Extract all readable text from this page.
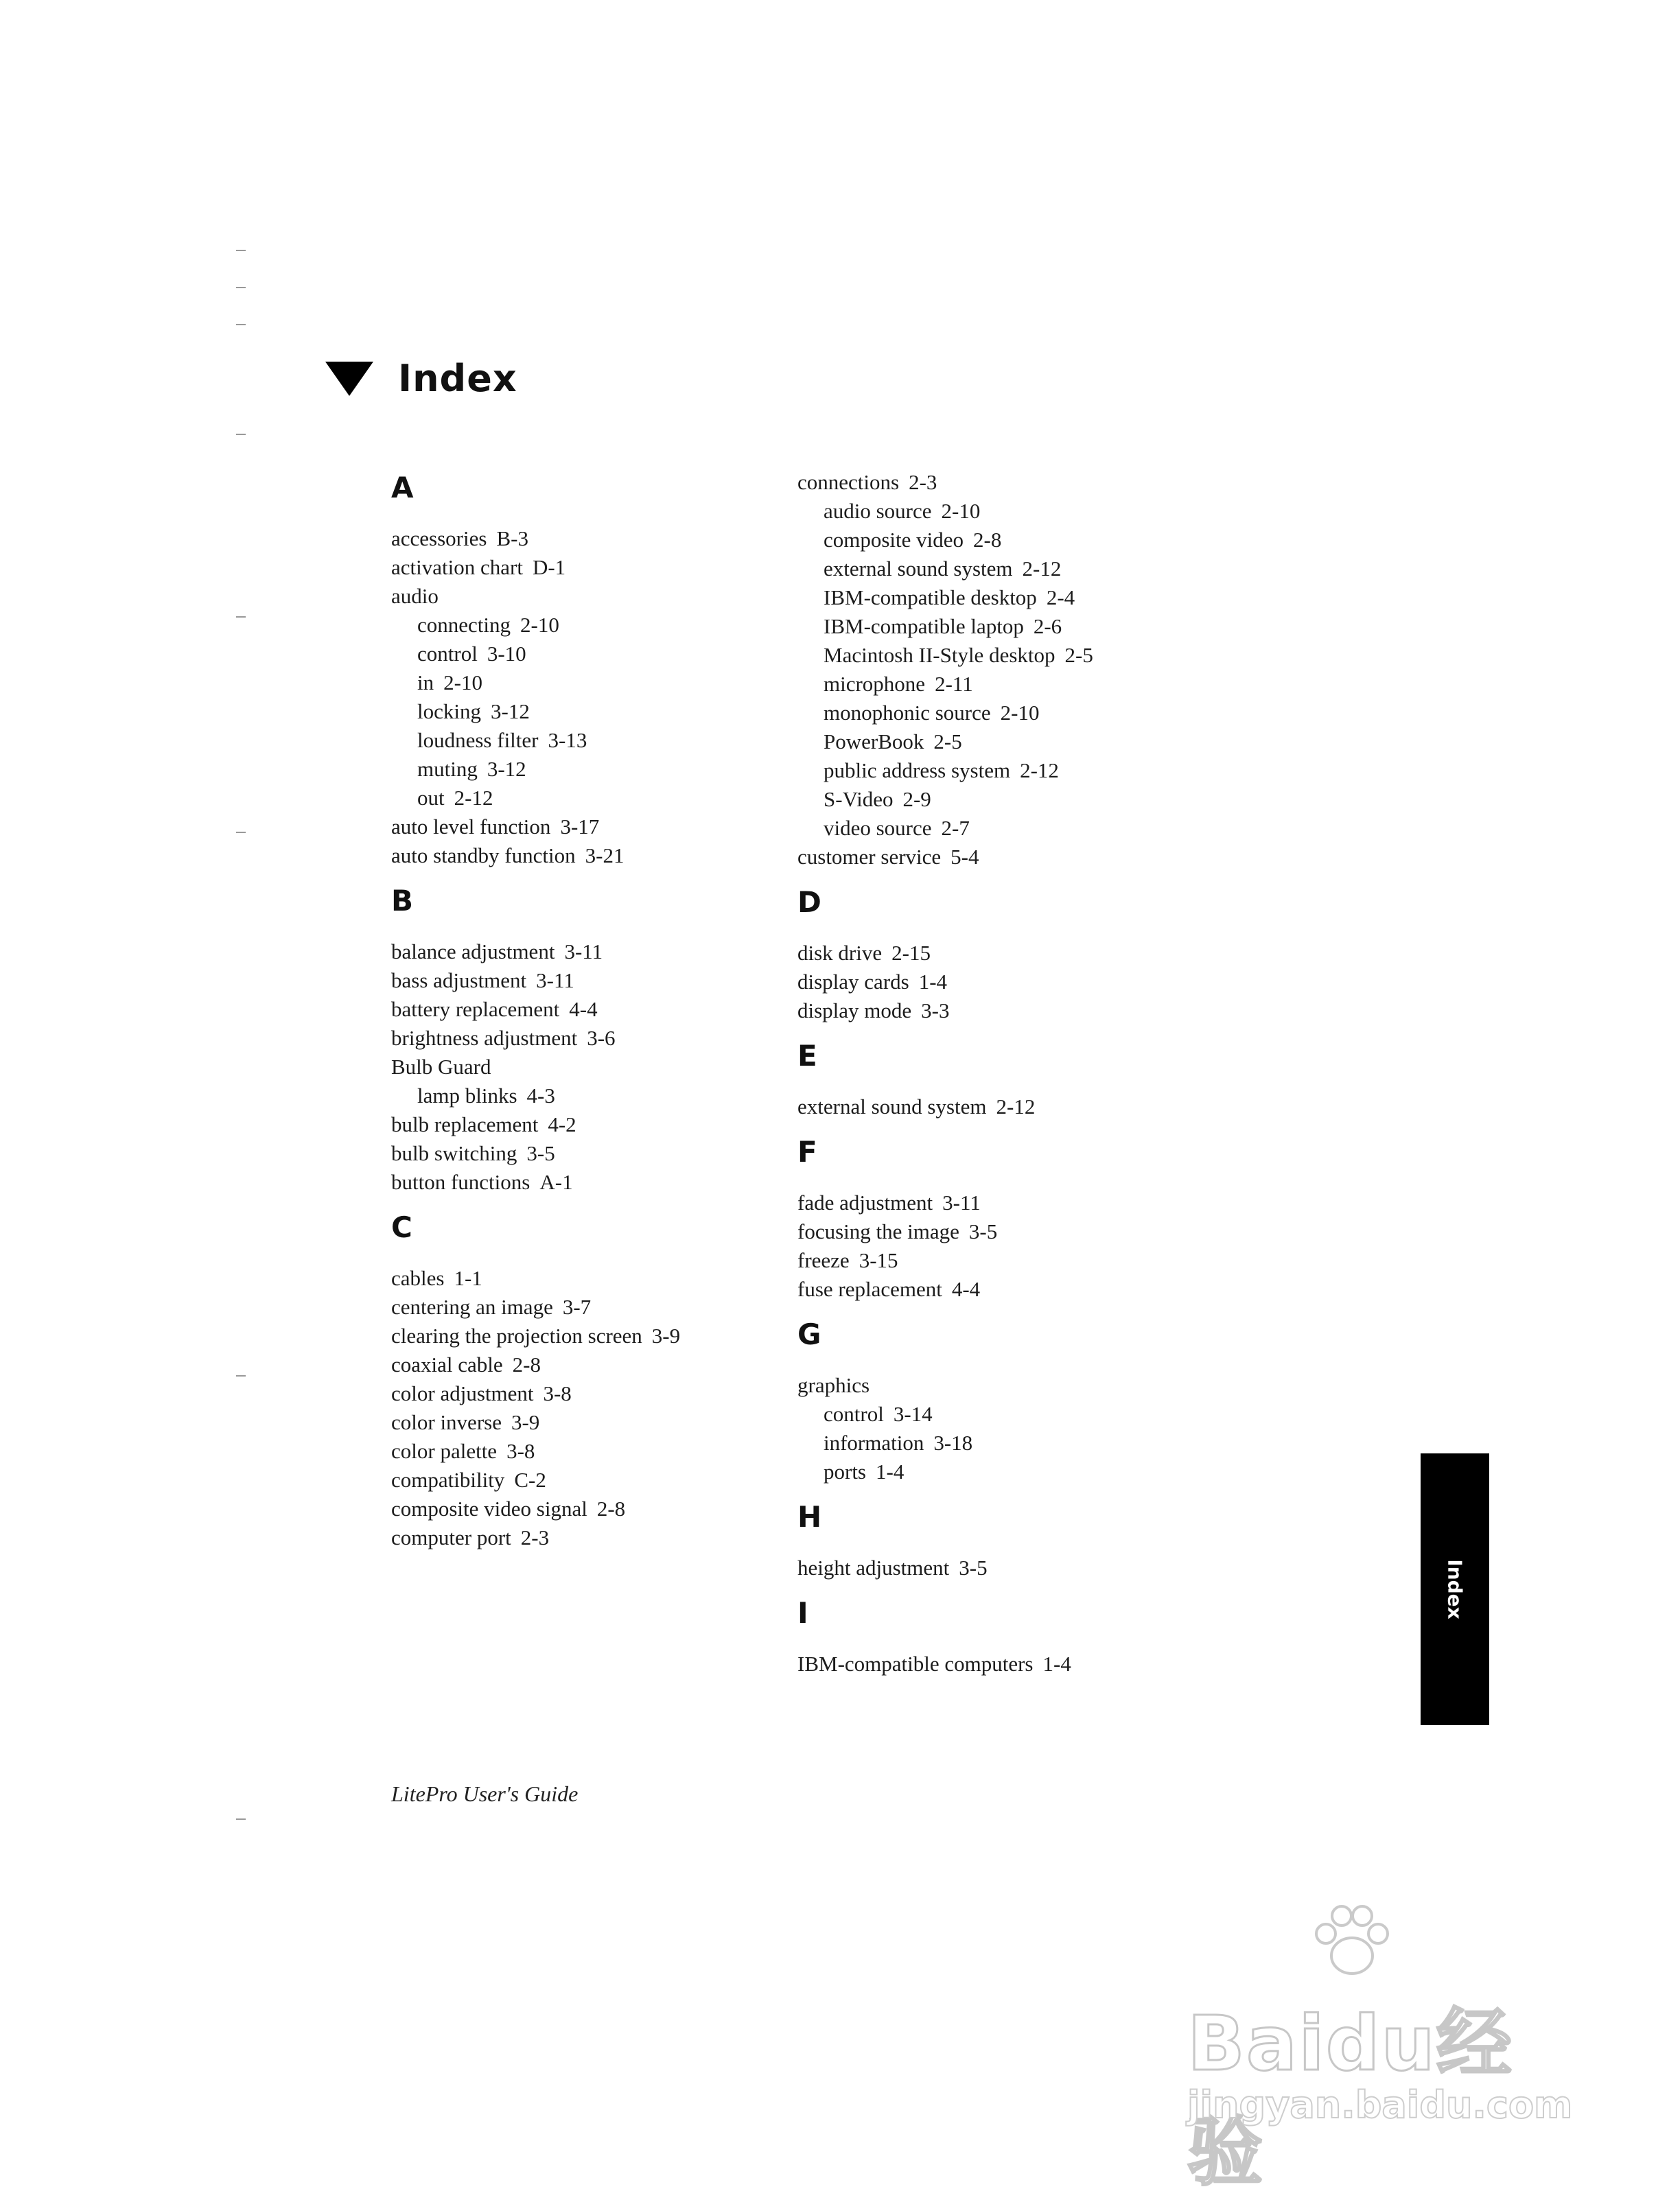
Index
A
accessories B-3
activation chart D-1
audio
connecting 2-10
control 3-10
in 2-10
locking 3-12
loudness filter 3-13
muting 3-12
out 2-12
auto level function 3-17
auto standby function 3-21
B
balance adjustment 3-11
bass adjustment 3-11
battery replacement 4-4
brightness adjustment 3-6
Bulb Guard
lamp blinks 4-3
bulb replacement 4-2
bulb switching 3-5
button functions A-1
C
cables 1-1
centering an image 3-7
clearing the projection screen 3-9
coaxial cable 2-8
color adjustment 3-8
color inverse 3-9
color palette 3-8
compatibility C-2
composite video signal 2-8
computer port 2-3
connections 2-3
audio source 2-10
composite video 2-8
external sound system 2-12
IBM-compatible desktop 2-4
IBM-compatible laptop 2-6
Macintosh II-Style desktop 2-5
microphone 2-11
monophonic source 2-10
PowerBook 2-5
public address system 2-12
S-Video 2-9
video source 2-7
customer service 5-4
D
disk drive 2-15
display cards 1-4
display mode 3-3
E
external sound system 2-12
F
fade adjustment 3-11
focusing the image 3-5
freeze 3-15
fuse replacement 4-4
G
graphics
control 3-14
information 3-18
ports 1-4
H
height adjustment 3-5
I
IBM-compatible computers 1-4
Index
LitePro User's Guide
Baidu经验
jingyan.baidu.com
